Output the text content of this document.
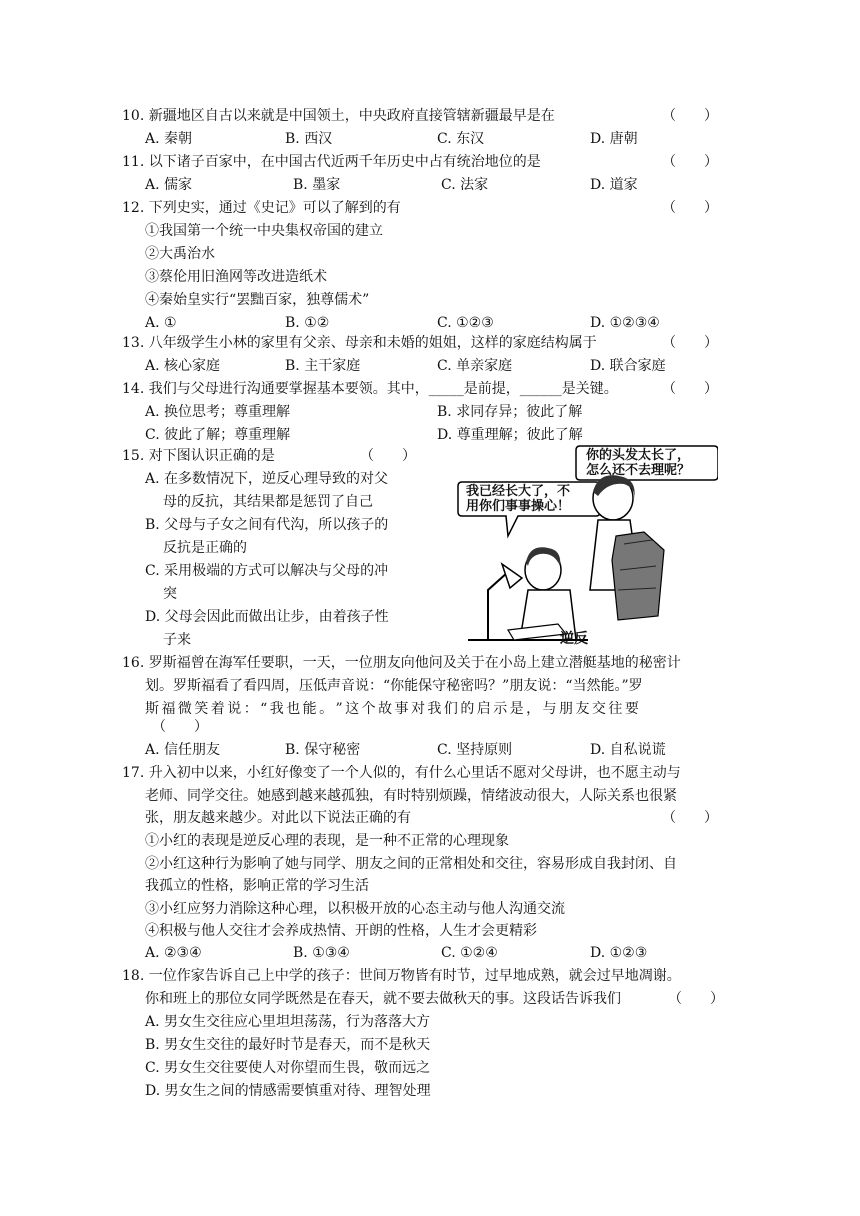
10. 新疆地区自古以来就是中国领土，中央政府直接管辖新疆最早是在	（　　）
A. 秦朝	B. 西汉	C. 东汉	D. 唐朝
11. 以下诸子百家中，在中国古代近两千年历史中占有统治地位的是	（　　）
A. 儒家	B. 墨家	C. 法家	D. 道家
12. 下列史实，通过《史记》可以了解到的有	（　　）
①我国第一个统一中央集权帝国的建立
②大禹治水
③蔡伦用旧渔网等改进造纸术
④秦始皇实行“罢黜百家，独尊儒术”
A. ①	B. ①②	C. ①②③	D. ①②③④
13. 八年级学生小林的家里有父亲、母亲和未婚的姐姐，这样的家庭结构属于	（　　）
A. 核心家庭	B. 主干家庭	C. 单亲家庭	D. 联合家庭
14. 我们与父母进行沟通要掌握基本要领。其中，_____是前提，______是关键。	（　　）
A. 换位思考；尊重理解	B. 求同存异；彼此了解
C. 彼此了解；尊重理解	D. 尊重理解；彼此了解
15. 对下图认识正确的是	（　　）
A. 在多数情况下，逆反心理导致的对父
母的反抗，其结果都是惩罚了自己
B. 父母与子女之间有代沟，所以孩子的
反抗是正确的
C. 采用极端的方式可以解决与父母的冲
突
D. 父母会因此而做出让步，由着孩子性
子来
你的头发太长了，
怎么还不去理呢？
我已经长大了，不
用你们事事操心！
逆反
16. 罗斯福曾在海军任要职，一天，一位朋友向他问及关于在小岛上建立潜艇基地的秘密计
划。罗斯福看了看四周，压低声音说：“你能保守秘密吗？”朋友说：“当然能。”罗
斯 福 微 笑 着 说 ： “ 我 也 能 。 ” 这 个 故 事 对 我 们 的 启 示 是 ， 与 朋 友 交 往 要
（　　）
A. 信任朋友	B. 保守秘密	C. 坚持原则	D. 自私说谎
17. 升入初中以来，小红好像变了一个人似的，有什么心里话不愿对父母讲，也不愿主动与
老师、同学交往。她感到越来越孤独，有时特别烦躁，情绪波动很大，人际关系也很紧
张，朋友越来越少。对此以下说法正确的有	（　　）
①小红的表现是逆反心理的表现，是一种不正常的心理现象
②小红这种行为影响了她与同学、朋友之间的正常相处和交往，容易形成自我封闭、自
我孤立的性格，影响正常的学习生活
③小红应努力消除这种心理，以积极开放的心态主动与他人沟通交流
④积极与他人交往才会养成热情、开朗的性格，人生才会更精彩
A. ②③④	B. ①③④	C. ①②④	D. ①②③
18. 一位作家告诉自己上中学的孩子：世间万物皆有时节，过早地成熟，就会过早地凋谢。
你和班上的那位女同学既然是在春天，就不要去做秋天的事。这段话告诉我们	（　　）
A. 男女生交往应心里坦坦荡荡，行为落落大方
B. 男女生交往的最好时节是春天，而不是秋天
C. 男女生交往要使人对你望而生畏，敬而远之
D. 男女生之间的情感需要慎重对待、理智处理
